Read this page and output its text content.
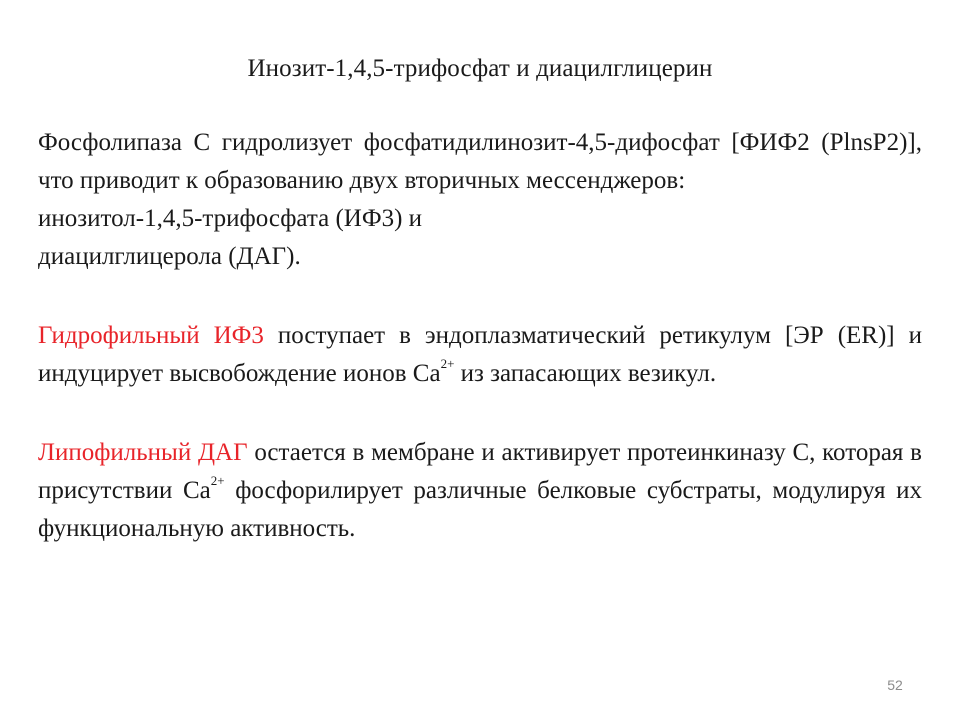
Инозит-1,4,5-трифосфат и диацилглицерин

Фосфолипаза С гидролизует фосфатидилинозит-4,5-дифосфат [ФИФ2 (PlnsP2)], что приводит к образованию двух вторичных мессенджеров:

инозитол-1,4,5-трифосфата (ИФ3) и

диацилглицерола (ДАГ).

Гидрофильный ИФ3 поступает в эндоплазматический ретикулум [ЭР (ER)] и индуцирует высвобождение ионов $Са^{2+}$ из запасающих везикул.

Липофильный ДАГ остается в мембране и активирует протеинкиназу С, которая в присутствии $Са^{2+}$ фосфорилирует различные белковые субстраты, модулируя их функциональную активность.

52
